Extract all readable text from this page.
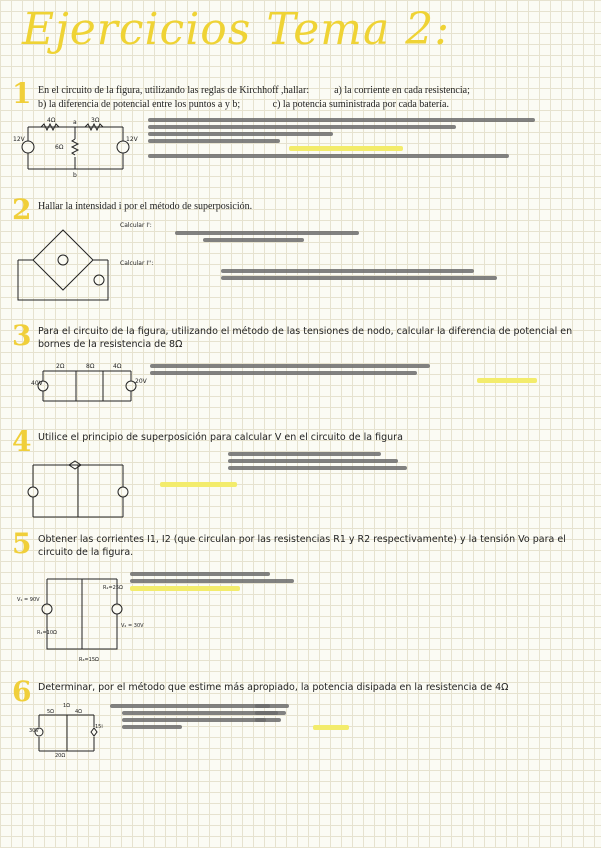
Ejercicios Tema 2:
1 En el circuito de la figura, utilizando las reglas de Kirchhoff ,hallar:	a) la corriente en cada resistencia;
b) la diferencia de potencial entre los puntos a y b;	c) la potencia suministrada por cada batería.
4Ω	3Ω
6Ω
12V	12V
a
b
2 Hallar la intensidad i por el método de superposición.
Calcular I':
Calcular I'':
3 Para el circuito de la figura, utilizando el método de las tensiones de nodo, calcular la diferencia de potencial en bornes de la resistencia de 8Ω
2Ω	8Ω	4Ω
40V	20V
4 Utilice el principio de superposición para calcular V en el circuito de la figura
5 Obtener las corrientes I1, I2 (que circulan por las resistencias R1 y R2 respectivamente) y la tensión Vo para el circuito de la figura.
V₁ = 90V
V₂ = 30V
R₁=10Ω
R₂=25Ω
R₃=15Ω
6 Determinar, por el método que estime más apropiado, la potencia disipada en la resistencia de 4Ω
1Ω
5Ω	4Ω
30V
20Ω
15i
